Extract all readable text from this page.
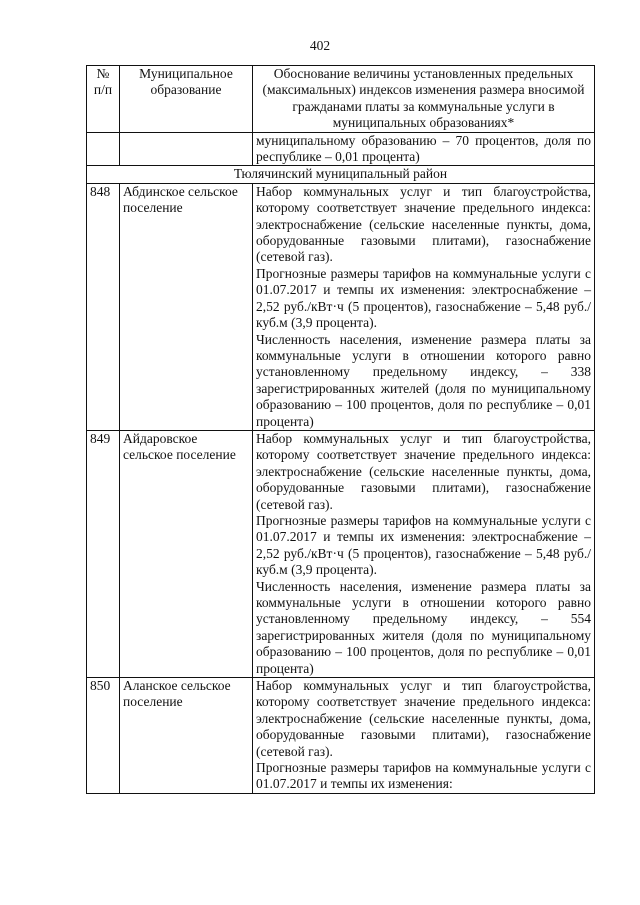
402
№ п/п	Муниципальное образование	Обоснование величины установленных предельных (максимальных) индексов изменения размера вносимой гражданами платы за коммунальные услуги в муниципальных образованиях*
		муниципальному образованию – 70 процентов, доля по республике – 0,01 процента)
Тюлячинский муниципальный район		
848	Абдинское сельское поселение	Набор коммунальных услуг и тип благоустройства, которому соответствует значение предельного индекса: электроснабжение (сельские населенные пункты, дома, оборудованные газовыми плитами), газоснабжение (сетевой газ).

Прогнозные размеры тарифов на коммунальные услуги с 01.07.2017 и темпы их изменения: электроснабжение – 2,52 руб./кВт·ч (5 процентов), газоснабжение – 5,48 руб./куб.м (3,9 процента).

Численность населения, изменение размера платы за коммунальные услуги в отношении которого равно установленному предельному индексу, – 338 зарегистрированных жителей (доля по муниципальному образованию – 100 процентов, доля по республике – 0,01 процента)

849	Айдаровское сельское поселение	Набор коммунальных услуг и тип благоустройства, которому соответствует значение предельного индекса: электроснабжение (сельские населенные пункты, дома, оборудованные газовыми плитами), газоснабжение (сетевой газ).

Прогнозные размеры тарифов на коммунальные услуги с 01.07.2017 и темпы их изменения: электроснабжение – 2,52 руб./кВт·ч (5 процентов), газоснабжение – 5,48 руб./куб.м (3,9 процента).

Численность населения, изменение размера платы за коммунальные услуги в отношении которого равно установленному предельному индексу, – 554 зарегистрированных жителя (доля по муниципальному образованию – 100 процентов, доля по республике – 0,01 процента)

850	Аланское сельское поселение	Набор коммунальных услуг и тип благоустройства, которому соответствует значение предельного индекса: электроснабжение (сельские населенные пункты, дома, оборудованные газовыми плитами), газоснабжение (сетевой газ).

Прогнозные размеры тарифов на коммунальные услуги с 01.07.2017 и темпы их изменения:
